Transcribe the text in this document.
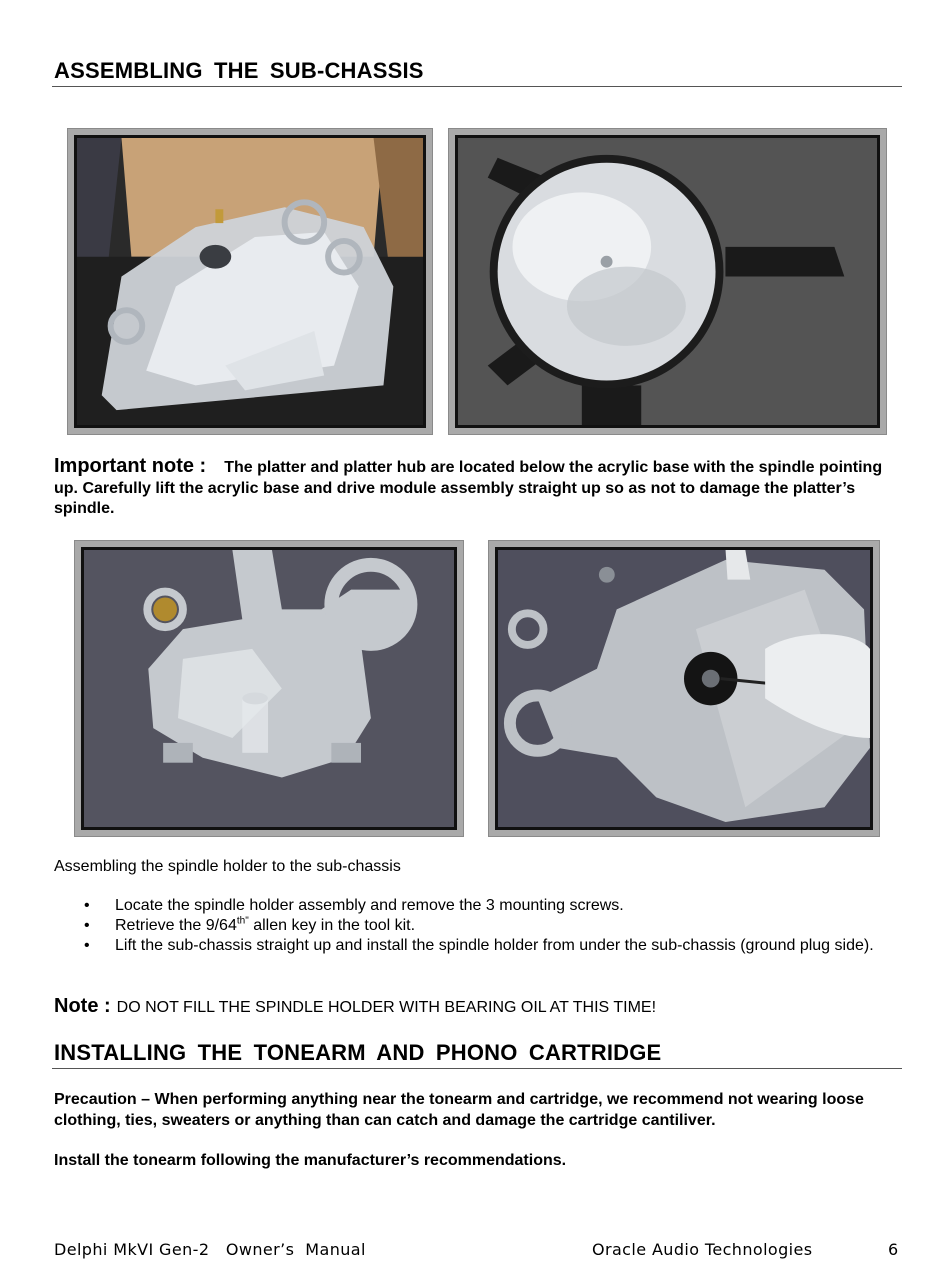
ASSEMBLING THE SUB-CHASSIS
Important note : The platter and platter hub are located below the acrylic base with the spindle pointing up. Carefully lift the acrylic base and drive module assembly straight up so as not to damage the platter’s spindle.
Assembling the spindle holder to the sub-chassis
• Locate the spindle holder assembly and remove the 3 mounting screws.
• Retrieve the $9/64^{th"}$ allen key in the tool kit.
• Lift the sub-chassis straight up and install the spindle holder from under the sub-chassis (ground plug side).
Note : DO NOT FILL THE SPINDLE HOLDER WITH BEARING OIL AT THIS TIME!
INSTALLING THE TONEARM AND PHONO CARTRIDGE
Precaution – When performing anything near the tonearm and cartridge, we recommend not wearing loose clothing, ties, sweaters or anything than can catch and damage the cartridge cantiliver.
Install the tonearm following the manufacturer’s recommendations.
Delphi MkVI Gen-2   Owner’s  Manual	Oracle Audio Technologies	6
